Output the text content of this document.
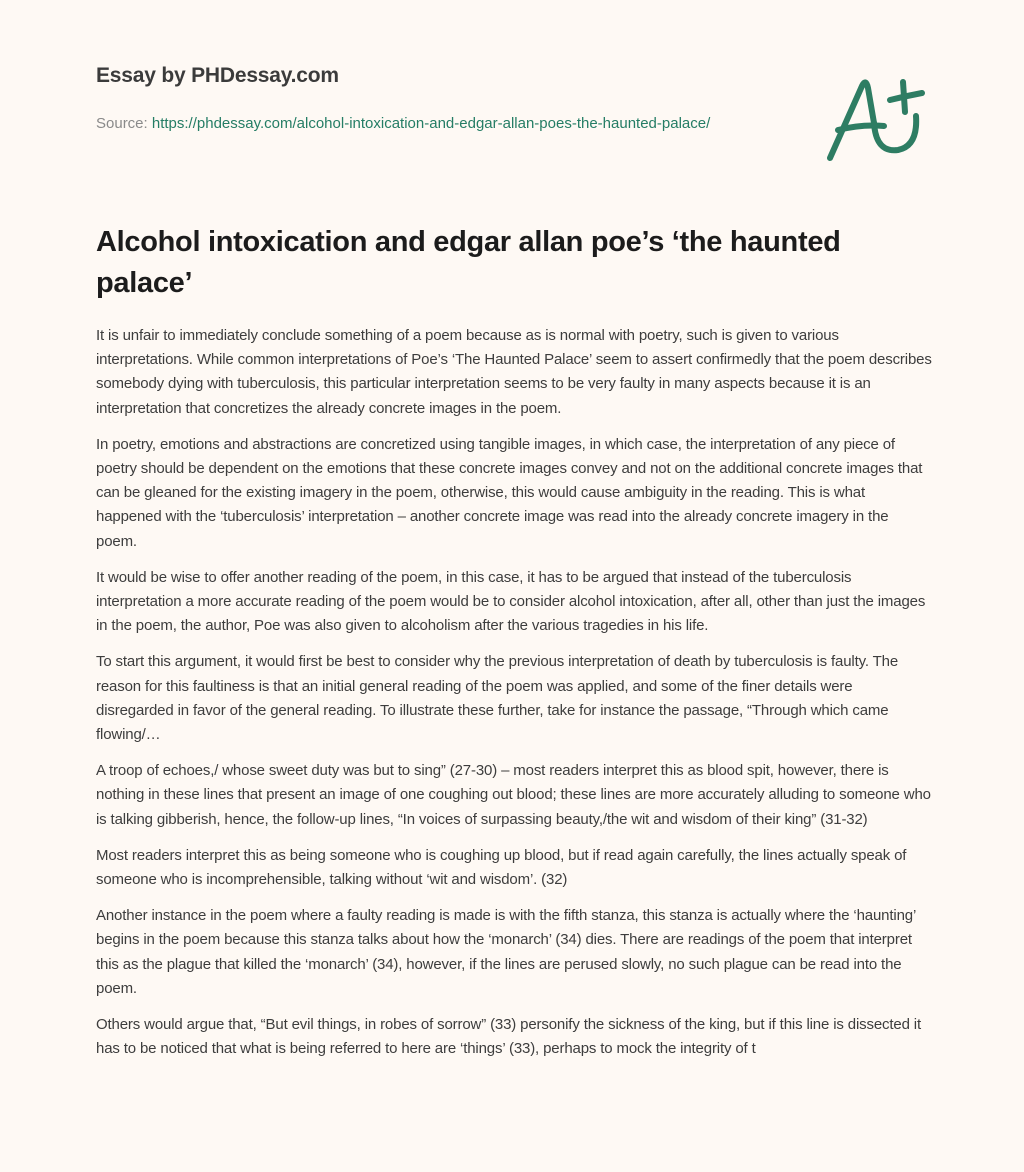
Essay by PHDessay.com
Source: https://phdessay.com/alcohol-intoxication-and-edgar-allan-poes-the-haunted-palace/
Alcohol intoxication and edgar allan poe’s ‘the haunted palace’

It is unfair to immediately conclude something of a poem because as is normal with poetry, such is given to various interpretations. While common interpretations of Poe’s ‘The Haunted Palace’ seem to assert confirmedly that the poem describes somebody dying with tuberculosis, this particular interpretation seems to be very faulty in many aspects because it is an interpretation that concretizes the already concrete images in the poem.

In poetry, emotions and abstractions are concretized using tangible images, in which case, the interpretation of any piece of poetry should be dependent on the emotions that these concrete images convey and not on the additional concrete images that can be gleaned for the existing imagery in the poem, otherwise, this would cause ambiguity in the reading. This is what happened with the ‘tuberculosis’ interpretation – another concrete image was read into the already concrete imagery in the poem.

It would be wise to offer another reading of the poem, in this case, it has to be argued that instead of the tuberculosis interpretation a more accurate reading of the poem would be to consider alcohol intoxication, after all, other than just the images in the poem, the author, Poe was also given to alcoholism after the various tragedies in his life.

To start this argument, it would first be best to consider why the previous interpretation of death by tuberculosis is faulty. The reason for this faultiness is that an initial general reading of the poem was applied, and some of the finer details were disregarded in favor of the general reading. To illustrate these further, take for instance the passage, “Through which came flowing/…

A troop of echoes,/ whose sweet duty was but to sing” (27-30) – most readers interpret this as blood spit, however, there is nothing in these lines that present an image of one coughing out blood; these lines are more accurately alluding to someone who is talking gibberish, hence, the follow-up lines, “In voices of surpassing beauty,/the wit and wisdom of their king” (31-32)

Most readers interpret this as being someone who is coughing up blood, but if read again carefully, the lines actually speak of someone who is incomprehensible, talking without ‘wit and wisdom’. (32)

Another instance in the poem where a faulty reading is made is with the fifth stanza, this stanza is actually where the ‘haunting’ begins in the poem because this stanza talks about how the ‘monarch’ (34) dies. There are readings of the poem that interpret this as the plague that killed the ‘monarch’ (34), however, if the lines are perused slowly, no such plague can be read into the poem.

Others would argue that, “But evil things, in robes of sorrow” (33) personify the sickness of the king, but if this line is dissected it has to be noticed that what is being referred to here are ‘things’ (33), perhaps to mock the integrity of t
